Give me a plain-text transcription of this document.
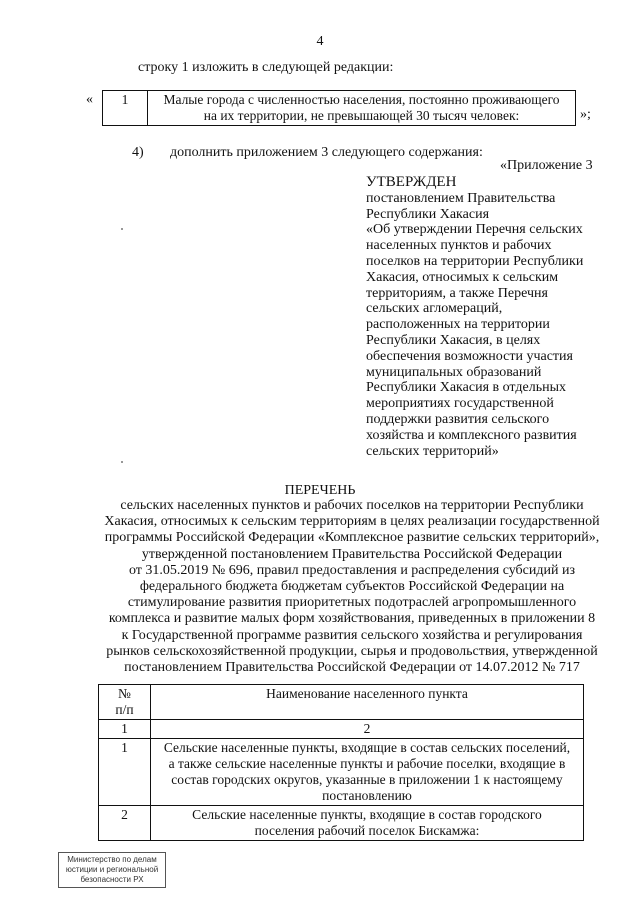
4
строку 1 изложить в следующей редакции:
« 1	Малые города с численностью населения, постоянно проживающего
на их территории, не превышающей 30 тысяч человек:	»;
4) дополнить приложением 3 следующего содержания:
«Приложение 3
УТВЕРЖДЕН
постановлением Правительства
Республики Хакасия
«Об утверждении Перечня сельских
населенных пунктов и рабочих
поселков на территории Республики
Хакасия, относимых к сельским
территориям, а также Перечня
сельских агломераций,
расположенных на территории
Республики Хакасия, в целях
обеспечения возможности участия
муниципальных образований
Республики Хакасия в отдельных
мероприятиях государственной
поддержки развития сельского
хозяйства и комплексного развития
сельских территорий»
ПЕРЕЧЕНЬ
сельских населенных пунктов и рабочих поселков на территории Республики
Хакасия, относимых к сельским территориям в целях реализации государственной
программы Российской Федерации «Комплексное развитие сельских территорий»,
утвержденной постановлением Правительства Российской Федерации
от 31.05.2019 № 696, правил предоставления и распределения субсидий из
федерального бюджета бюджетам субъектов Российской Федерации на
стимулирование развития приоритетных подотраслей агропромышленного
комплекса и развитие малых форм хозяйствования, приведенных в приложении 8
к Государственной программе развития сельского хозяйства и регулирования
рынков сельскохозяйственной продукции, сырья и продовольствия, утвержденной
постановлением Правительства Российской Федерации от 14.07.2012 № 717
№
п/п	Наименование населенного пункта
1	2
1	Сельские населенные пункты, входящие в состав сельских поселений,
а также сельские населенные пункты и рабочие поселки, входящие в
состав городских округов, указанные в приложении 1 к настоящему
постановлению

2	Сельские населенные пункты, входящие в состав городского
поселения рабочий поселок Бискамжа:
Министерство по делам
юстиции и региональной
безопасности РХ
